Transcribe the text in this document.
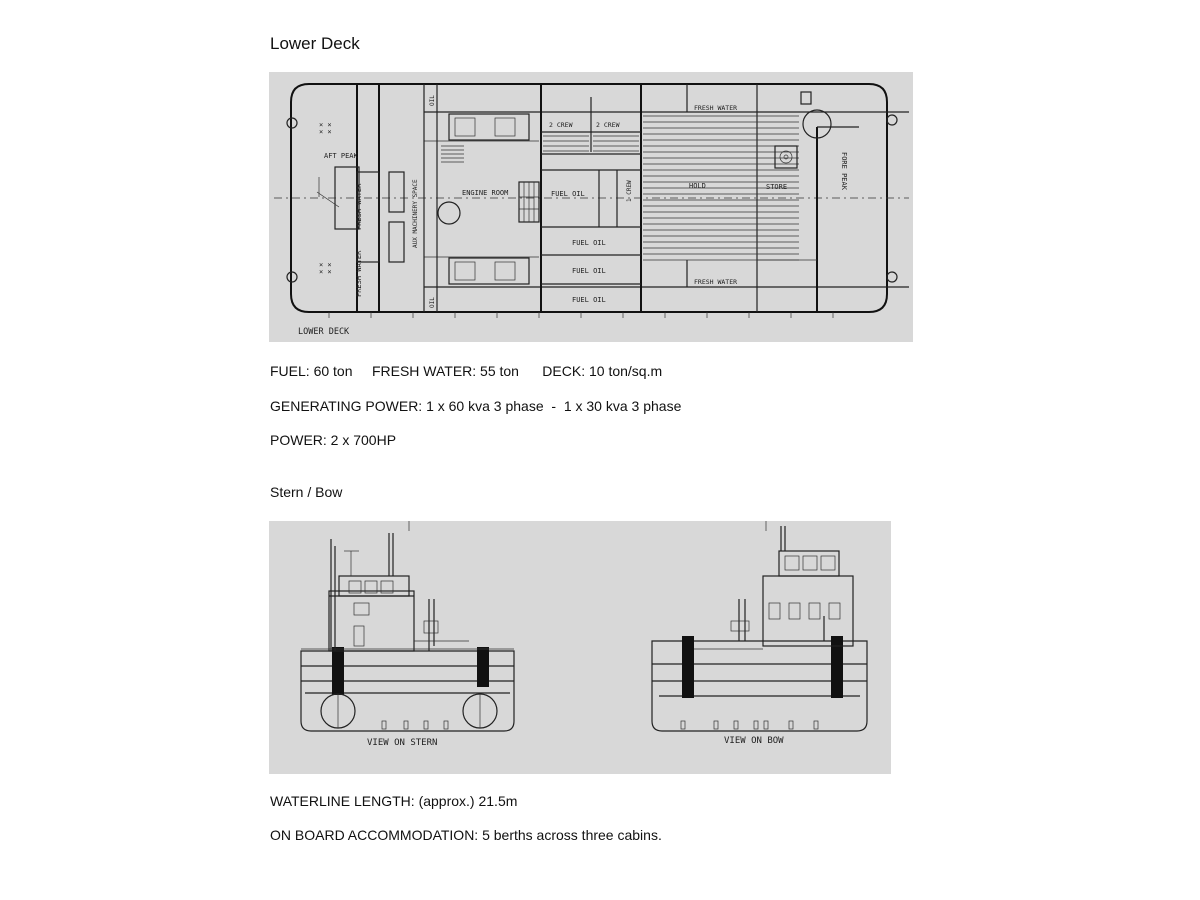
Lower Deck
× ×
× ×
× ×
× ×
AFT PEAK
FRESH WATER
FRESH WATER
AUX MACHINERY SPACE
OIL
OIL
ENGINE ROOM
2 CREW	2 CREW
1 CREW
FUEL OIL
FUEL OIL
FUEL OIL
FUEL OIL
HOLD	STORE
FRESH WATER
FRESH WATER
FORE PEAK
LOWER DECK
FUEL: 60 ton     FRESH WATER: 55 ton      DECK: 10 ton/sq.m
GENERATING POWER: 1 x 60 kva 3 phase  -  1 x 30 kva 3 phase
POWER: 2 x 700HP
Stern / Bow
VIEW ON STERN	VIEW ON BOW
WATERLINE LENGTH: (approx.) 21.5m
ON BOARD ACCOMMODATION: 5 berths across three cabins.
